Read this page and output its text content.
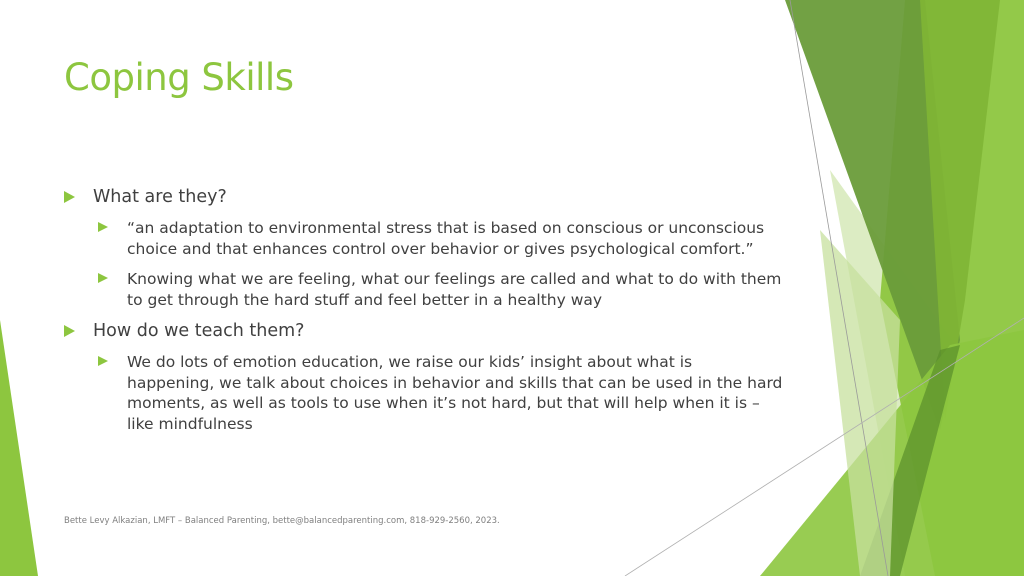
Coping Skills
What are they?
“an adaptation to environmental stress that is based on conscious or unconscious choice and that enhances control over behavior or gives psychological comfort.”
Knowing what we are feeling, what our feelings are called and what to do with them to get through the hard stuff and feel better in a healthy way
How do we teach them?
We do lots of emotion education, we raise our kids’ insight about what is happening, we talk about choices in behavior and skills that can be used in the hard moments, as well as tools to use when it’s not hard, but that will help when it is – like mindfulness
Bette Levy Alkazian, LMFT – Balanced Parenting, bette@balancedparenting.com, 818-929-2560, 2023.
